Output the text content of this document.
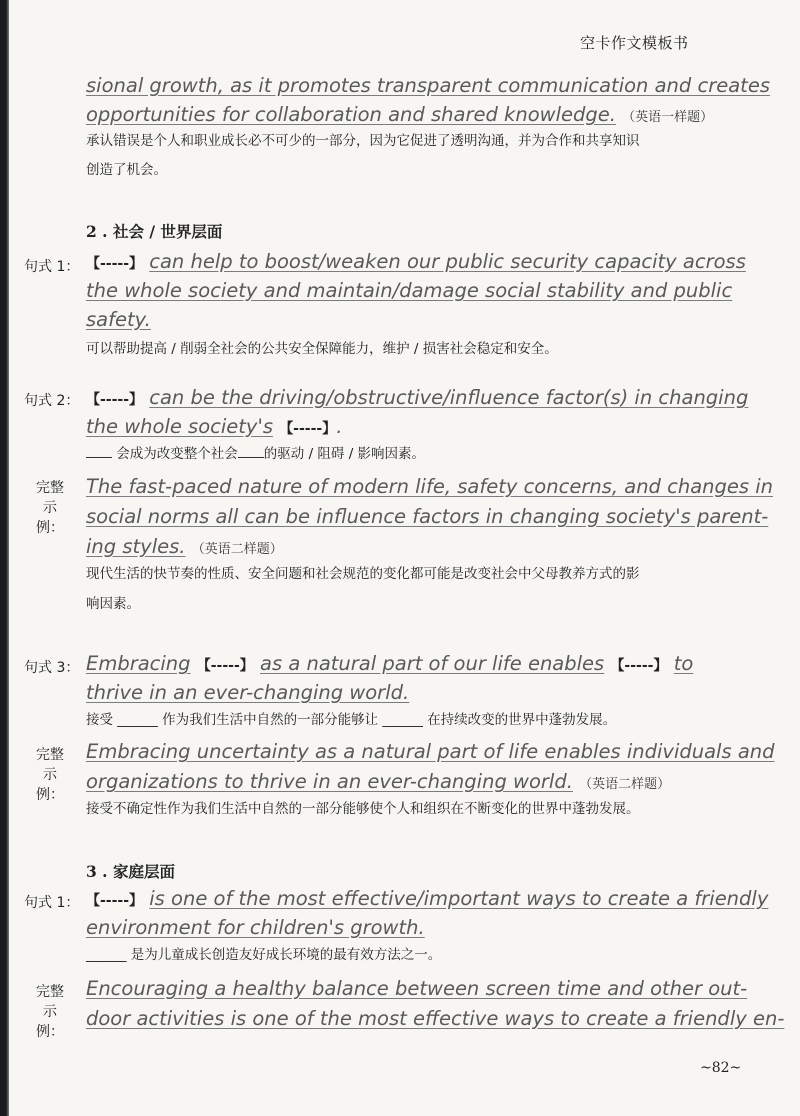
空卡作文模板书
sional growth, as it promotes transparent communication and creates
opportunities for collaboration and shared knowledge. （英语一样题）
承认错误是个人和职业成长必不可少的一部分，因为它促进了透明沟通，并为合作和共享知识
创造了机会。
2 . 社会 / 世界层面
句式 1： 【-----】 can help to boost/weaken our public security capacity across
the whole society and maintain/damage social stability and public
safety.
可以帮助提高 / 削弱全社会的公共安全保障能力，维护 / 损害社会稳定和安全。
句式 2： 【-----】 can be the driving/obstructive/influence factor(s) in changing
the whole society's 【-----】.
会成为改变整个社会 的驱动 / 阻碍 / 影响因素。
完整
示例：
The fast-paced nature of modern life, safety concerns, and changes in
social norms all can be influence factors in changing society's parent-
ing styles. （英语二样题）
现代生活的快节奏的性质、安全问题和社会规范的变化都可能是改变社会中父母教养方式的影
响因素。
句式 3： Embracing 【-----】 as a natural part of our life enables 【-----】 to
thrive in an ever-changing world.
接受 ______ 作为我们生活中自然的一部分能够让 ______ 在持续改变的世界中蓬勃发展。
完整
示例：
Embracing uncertainty as a natural part of life enables individuals and
organizations to thrive in an ever-changing world. （英语二样题）
接受不确定性作为我们生活中自然的一部分能够使个人和组织在不断变化的世界中蓬勃发展。
3 . 家庭层面
句式 1： 【-----】 is one of the most effective/important ways to create a friendly
environment for children's growth.
______ 是为儿童成长创造友好成长环境的最有效方法之一。
完整
示例：
Encouraging a healthy balance between screen time and other out-
door activities is one of the most effective ways to create a friendly en-
~82~
